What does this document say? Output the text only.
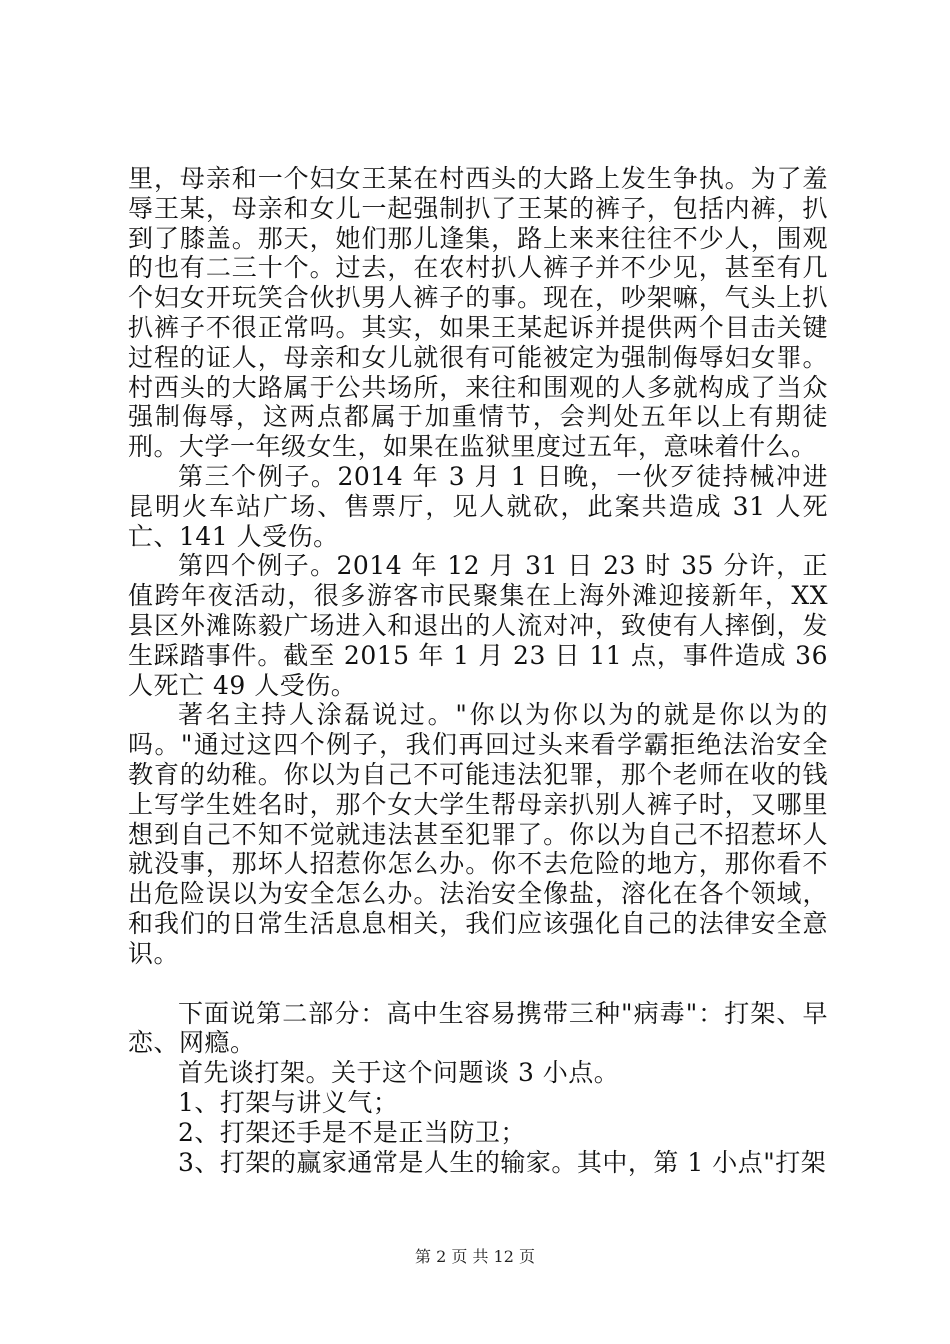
里，母亲和一个妇女王某在村西头的大路上发生争执。为了羞辱王某，母亲和女儿一起强制扒了王某的裤子，包括内裤，扒到了膝盖。那天，她们那儿逢集，路上来来往往不少人，围观的也有二三十个。过去，在农村扒人裤子并不少见，甚至有几个妇女开玩笑合伙扒男人裤子的事。现在，吵架嘛，气头上扒扒裤子不很正常吗。其实，如果王某起诉并提供两个目击关键过程的证人，母亲和女儿就很有可能被定为强制侮辱妇女罪。村西头的大路属于公共场所，来往和围观的人多就构成了当众强制侮辱，这两点都属于加重情节，会判处五年以上有期徒刑。大学一年级女生，如果在监狱里度过五年，意味着什么。

第三个例子。2014 年 3 月 1 日晚，一伙歹徒持械冲进昆明火车站广场、售票厅，见人就砍，此案共造成 31 人死亡、141 人受伤。

第四个例子。2014 年 12 月 31 日 23 时 35 分许，正值跨年夜活动，很多游客市民聚集在上海外滩迎接新年，XX 县区外滩陈毅广场进入和退出的人流对冲，致使有人摔倒，发生踩踏事件。截至 2015 年 1 月 23 日 11 点，事件造成 36 人死亡 49 人受伤。

著名主持人涂磊说过。"你以为你以为的就是你以为的吗。"通过这四个例子，我们再回过头来看学霸拒绝法治安全教育的幼稚。你以为自己不可能违法犯罪，那个老师在收的钱上写学生姓名时，那个女大学生帮母亲扒别人裤子时，又哪里想到自己不知不觉就违法甚至犯罪了。你以为自己不招惹坏人就没事，那坏人招惹你怎么办。你不去危险的地方，那你看不出危险误以为安全怎么办。法治安全像盐，溶化在各个领域，和我们的日常生活息息相关，我们应该强化自己的法律安全意识。

下面说第二部分：高中生容易携带三种"病毒"：打架、早恋、网瘾。

首先谈打架。关于这个问题谈 3 小点。

1、打架与讲义气；

2、打架还手是不是正当防卫；

3、打架的赢家通常是人生的输家。其中，第 1 小点"打架

第 2 页 共 12 页
